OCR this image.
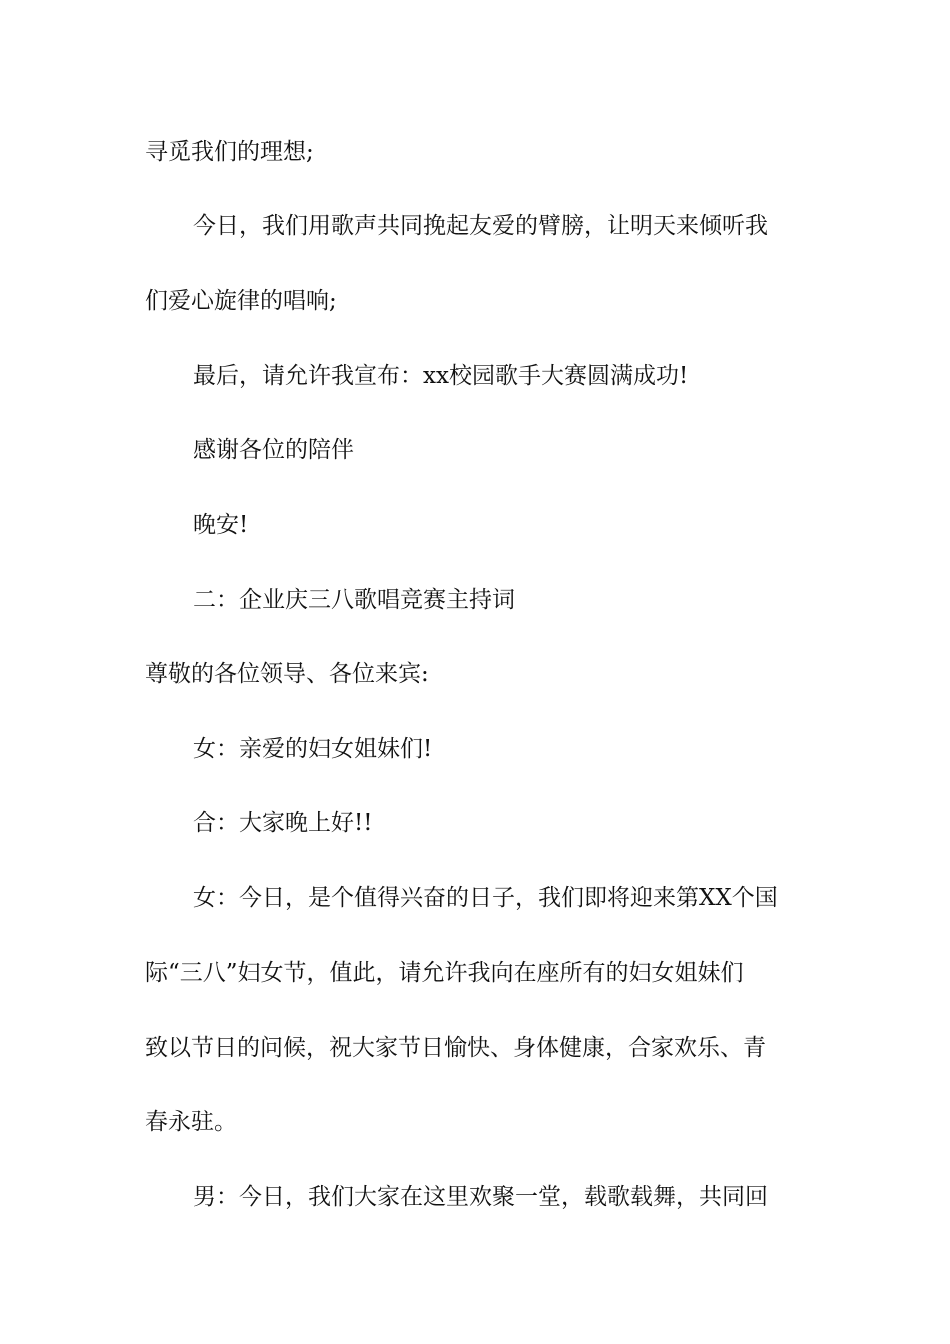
寻觅我们的理想;
今日，我们用歌声共同挽起友爱的臂膀，让明天来倾听我
们爱心旋律的唱响;
最后，请允许我宣布：xx校园歌手大赛圆满成功!
感谢各位的陪伴
晚安!
二：企业庆三八歌唱竞赛主持词
尊敬的各位领导、各位来宾:
女：亲爱的妇女姐妹们!
合：大家晚上好!!
女：今日，是个值得兴奋的日子，我们即将迎来第XX个国
际“三八”妇女节，值此，请允许我向在座所有的妇女姐妹们
致以节日的问候，祝大家节日愉快、身体健康，合家欢乐、青
春永驻。
男：今日，我们大家在这里欢聚一堂，载歌载舞，共同回
